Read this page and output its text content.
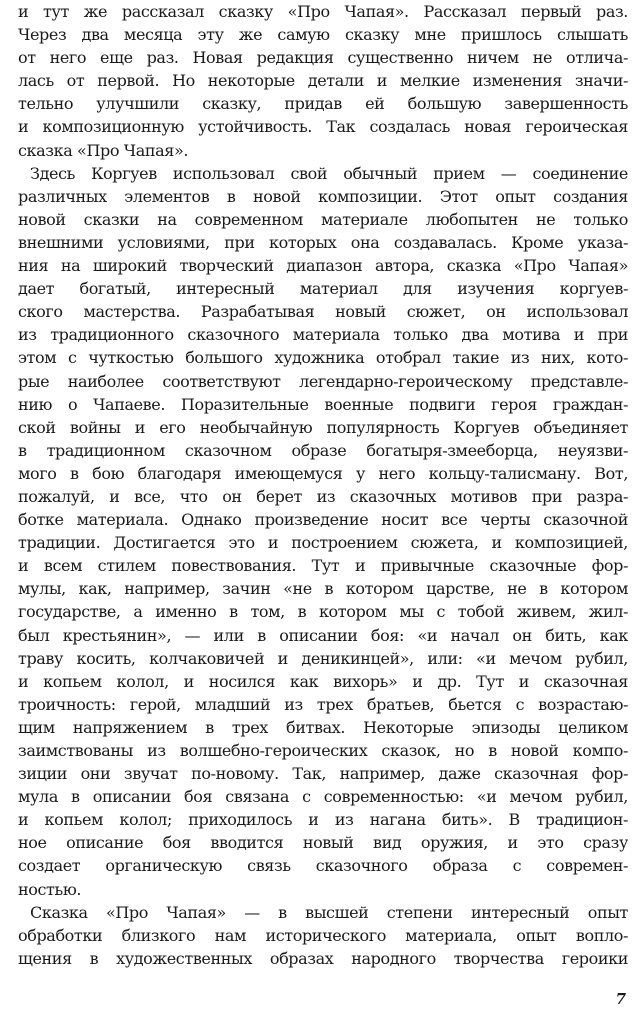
и тут же рассказал сказку «Про Чапая». Рассказал первый раз.
Через два месяца эту же самую сказку мне пришлось слышать
от него еще раз. Новая редакция существенно ничем не отлича-
лась от первой. Но некоторые детали и мелкие изменения значи-
тельно улучшили сказку, придав ей большую завершенность
и композиционную устойчивость. Так создалась новая героическая
сказка «Про Чапая».
Здесь Коргуев использовал свой обычный прием — соединение
различных элементов в новой композиции. Этот опыт создания
новой сказки на современном материале любопытен не только
внешними условиями, при которых она создавалась. Кроме указа-
ния на широкий творческий диапазон автора, сказка «Про Чапая»
дает богатый, интересный материал для изучения коргуев-
ского мастерства. Разрабатывая новый сюжет, он использовал
из традиционного сказочного материала только два мотива и при
этом с чуткостью большого художника отобрал такие из них, кото-
рые наиболее соответствуют легендарно-героическому представле-
нию о Чапаеве. Поразительные военные подвиги героя граждан-
ской войны и его необычайную популярность Коргуев объединяет
в традиционном сказочном образе богатыря-змееборца, неуязви-
мого в бою благодаря имеющемуся у него кольцу-талисману. Вот,
пожалуй, и все, что он берет из сказочных мотивов при разра-
ботке материала. Однако произведение носит все черты сказочной
традиции. Достигается это и построением сюжета, и композицией,
и всем стилем повествования. Тут и привычные сказочные фор-
мулы, как, например, зачин «не в котором царстве, не в котором
государстве, а именно в том, в котором мы с тобой живем, жил-
был крестьянин», — или в описании боя: «и начал он бить, как
траву косить, колчаковичей и деникинцей», или: «и мечом рубил,
и копьем колол, и носился как вихорь» и др. Тут и сказочная
троичность: герой, младший из трех братьев, бьется с возрастаю-
щим напряжением в трех битвах. Некоторые эпизоды целиком
заимствованы из волшебно-героических сказок, но в новой компо-
зиции они звучат по-новому. Так, например, даже сказочная фор-
мула в описании боя связана с современностью: «и мечом рубил,
и копьем колол; приходилось и из нагана бить». В традицион-
ное описание боя вводится новый вид оружия, и это сразу
создает органическую связь сказочного образа с современ-
ностью.
Сказка «Про Чапая» — в высшей степени интересный опыт
обработки близкого нам исторического материала, опыт вопло-
щения в художественных образах народного творчества героики
7
